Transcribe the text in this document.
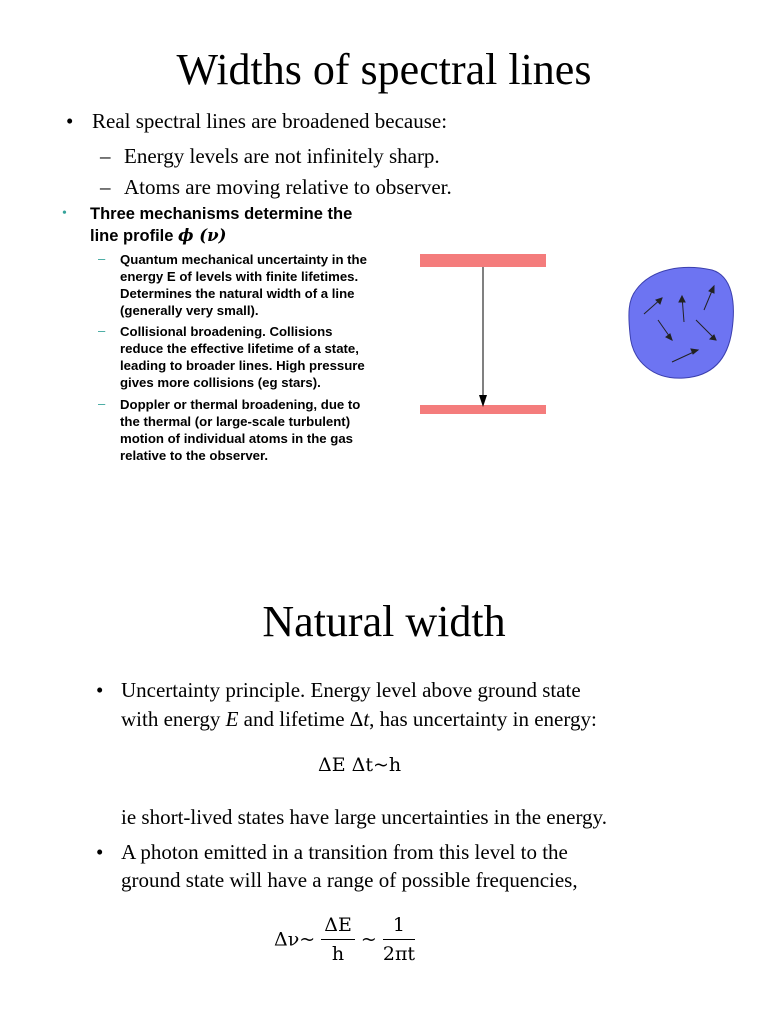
Widths of spectral lines
• Real spectral lines are broadened because:
– Energy levels are not infinitely sharp.
– Atoms are moving relative to observer.
• Three mechanisms determine the
line profile ϕ (ν)
– Quantum mechanical uncertainty in the
energy E of levels with finite lifetimes.
Determines the natural width of a line
(generally very small).
– Collisional broadening. Collisions
reduce the effective lifetime of a state,
leading to broader lines. High pressure
gives more collisions (eg stars).
– Doppler or thermal broadening, due to
the thermal (or large-scale turbulent)
motion of individual atoms in the gas
relative to the observer.
Natural width
• Uncertainty principle. Energy level above ground state
with energy E and lifetime Δt, has uncertainty in energy:
ΔE Δt~h
ie short-lived states have large uncertainties in the energy.
• A photon emitted in a transition from this level to the
ground state will have a range of possible frequencies,
Δν~ $\frac{\Delta E}{h}$ ~ $\frac{1}{2\pi t}$
